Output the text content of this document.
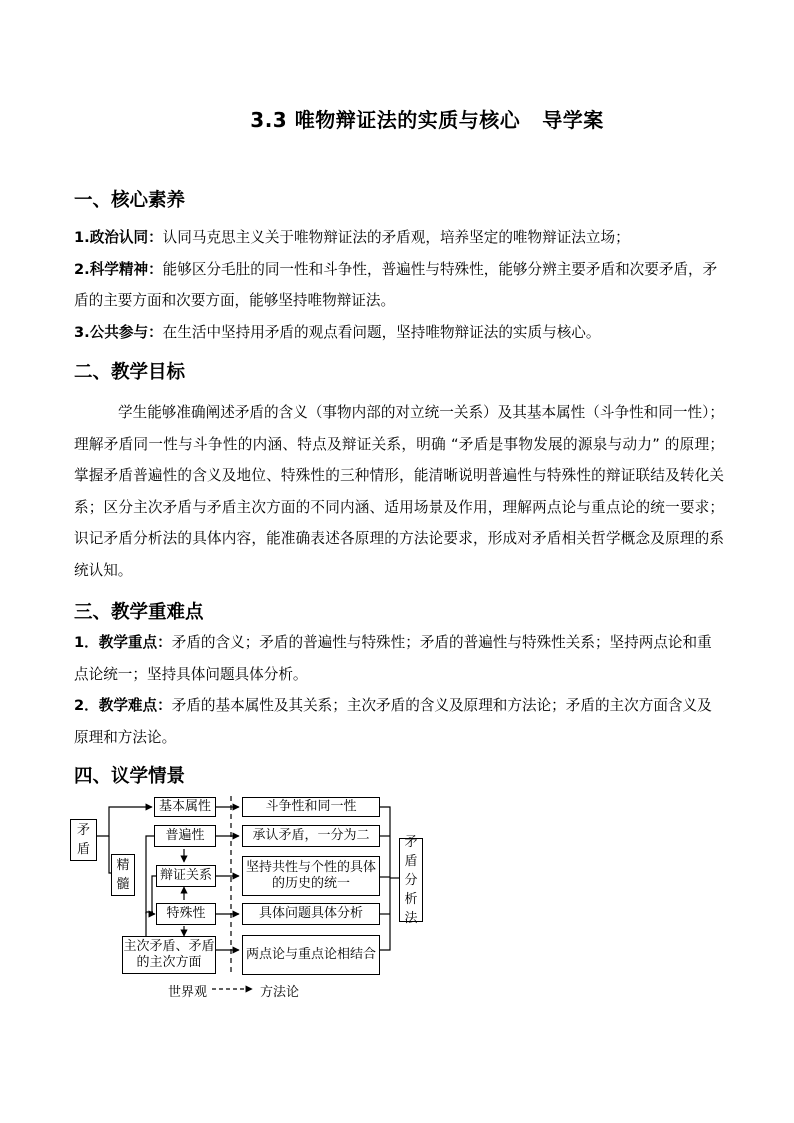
3.3 唯物辩证法的实质与核心 导学案
一、核心素养
1.政治认同：认同马克思主义关于唯物辩证法的矛盾观，培养坚定的唯物辩证法立场；
2.科学精神：能够区分毛肚的同一性和斗争性，普遍性与特殊性，能够分辨主要矛盾和次要矛盾，矛盾的主要方面和次要方面，能够坚持唯物辩证法。
3.公共参与：在生活中坚持用矛盾的观点看问题，坚持唯物辩证法的实质与核心。
二、教学目标
学生能够准确阐述矛盾的含义（事物内部的对立统一关系）及其基本属性（斗争性和同一性）；理解矛盾同一性与斗争性的内涵、特点及辩证关系，明确 “矛盾是事物发展的源泉与动力” 的原理；掌握矛盾普遍性的含义及地位、特殊性的三种情形，能清晰说明普遍性与特殊性的辩证联结及转化关系；区分主次矛盾与矛盾主次方面的不同内涵、适用场景及作用，理解两点论与重点论的统一要求；识记矛盾分析法的具体内容，能准确表述各原理的方法论要求，形成对矛盾相关哲学概念及原理的系统认知。
三、教学重难点
1．教学重点：矛盾的含义；矛盾的普遍性与特殊性；矛盾的普遍性与特殊性关系；坚持两点论和重点论统一；坚持具体问题具体分析。
2．教学难点：矛盾的基本属性及其关系；主次矛盾的含义及原理和方法论；矛盾的主次方面含义及原理和方法论。
四、议学情景
矛盾
精髓
基本属性
普遍性
辩证关系
特殊性
主次矛盾、矛盾的主次方面
斗争性和同一性
承认矛盾，一分为二
坚持共性与个性的具体的历史的统一
具体问题具体分析
两点论与重点论相结合
矛盾分析法
世界观	方法论
